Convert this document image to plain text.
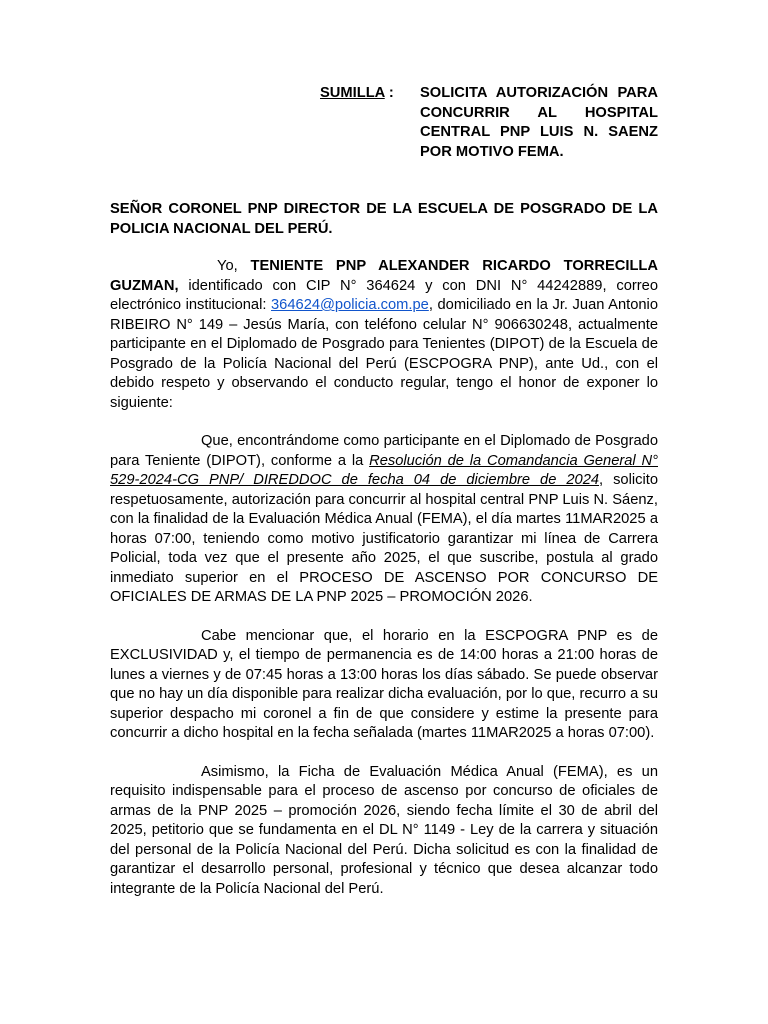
SUMILLA :	SOLICITA AUTORIZACIÓN PARA CONCURRIR AL HOSPITAL CENTRAL PNP LUIS N. SAENZ POR MOTIVO FEMA.
SEÑOR CORONEL PNP DIRECTOR DE LA ESCUELA DE POSGRADO DE LA POLICIA NACIONAL DEL PERÚ.

Yo, TENIENTE PNP ALEXANDER RICARDO TORRECILLA GUZMAN, identificado con CIP N° 364624 y con DNI N° 44242889, correo electrónico institucional: 364624@policia.com.pe, domiciliado en la Jr. Juan Antonio RIBEIRO N° 149 – Jesús María, con teléfono celular N° 906630248, actualmente participante en el Diplomado de Posgrado para Tenientes (DIPOT) de la Escuela de Posgrado de la Policía Nacional del Perú (ESCPOGRA PNP), ante Ud., con el debido respeto y observando el conducto regular, tengo el honor de exponer lo siguiente:

Que, encontrándome como participante en el Diplomado de Posgrado para Teniente (DIPOT), conforme a la Resolución de la Comandancia General N° 529-2024-CG PNP/ DIREDDOC de fecha 04 de diciembre de 2024, solicito respetuosamente, autorización para concurrir al hospital central PNP Luis N. Sáenz, con la finalidad de la Evaluación Médica Anual (FEMA), el día martes 11MAR2025 a horas 07:00, teniendo como motivo justificatorio garantizar mi línea de Carrera Policial, toda vez que el presente año 2025, el que suscribe, postula al grado inmediato superior en el PROCESO DE ASCENSO POR CONCURSO DE OFICIALES DE ARMAS DE LA PNP 2025 – PROMOCIÓN 2026.

Cabe mencionar que, el horario en la ESCPOGRA PNP es de EXCLUSIVIDAD y, el tiempo de permanencia es de 14:00 horas a 21:00 horas de lunes a viernes y de 07:45 horas a 13:00 horas los días sábado. Se puede observar que no hay un día disponible para realizar dicha evaluación, por lo que, recurro a su superior despacho mi coronel a fin de que considere y estime la presente para concurrir a dicho hospital en la fecha señalada (martes 11MAR2025 a horas 07:00).

Asimismo, la Ficha de Evaluación Médica Anual (FEMA), es un requisito indispensable para el proceso de ascenso por concurso de oficiales de armas de la PNP 2025 – promoción 2026, siendo fecha límite el 30 de abril del 2025, petitorio que se fundamenta en el DL N° 1149 - Ley de la carrera y situación del personal de la Policía Nacional del Perú. Dicha solicitud es con la finalidad de garantizar el desarrollo personal, profesional y técnico que desea alcanzar todo integrante de la Policía Nacional del Perú.
